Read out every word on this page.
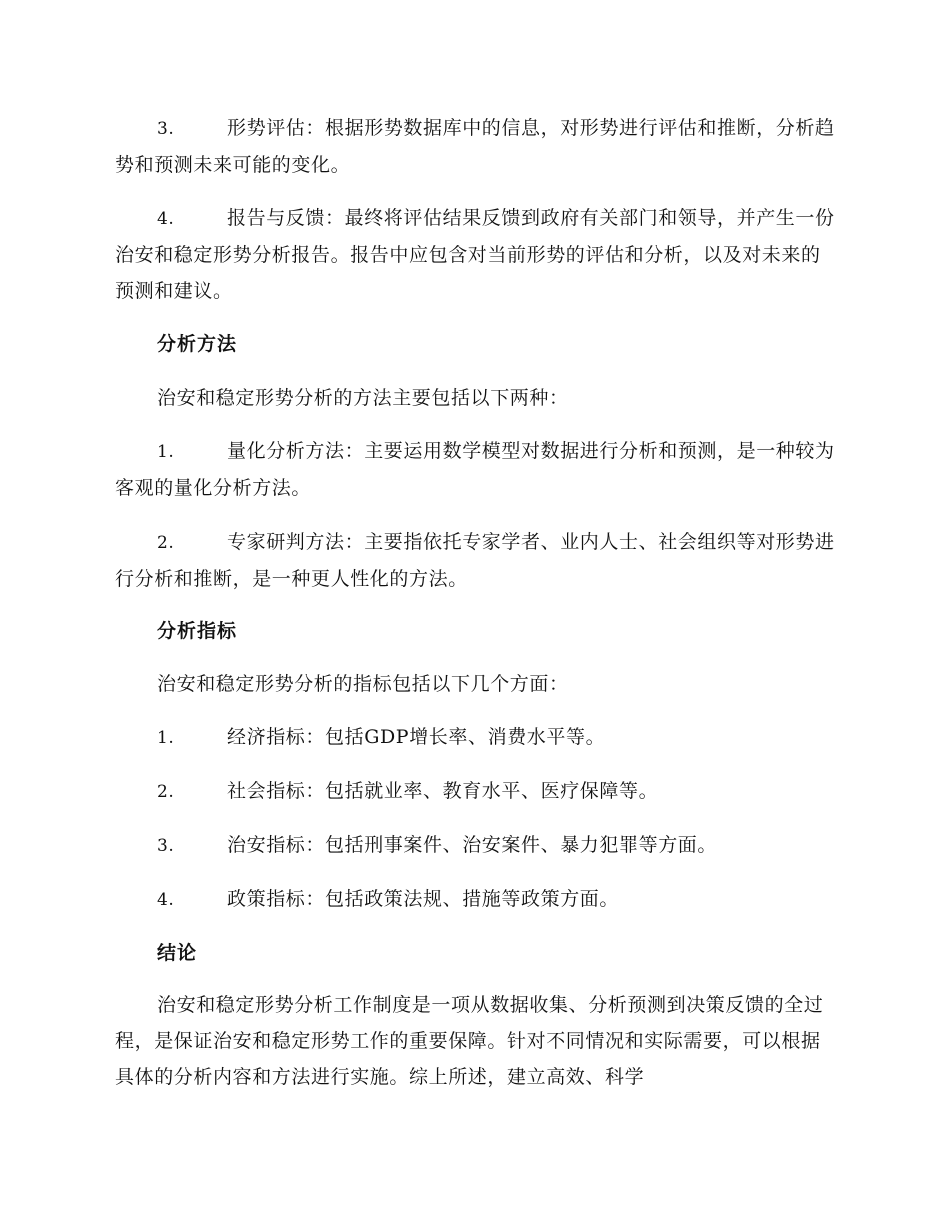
3.	形势评估：根据形势数据库中的信息，对形势进行评估和推断，分析趋势和预测未来可能的变化。
4.	报告与反馈：最终将评估结果反馈到政府有关部门和领导，并产生一份治安和稳定形势分析报告。报告中应包含对当前形势的评估和分析，以及对未来的预测和建议。
分析方法
治安和稳定形势分析的方法主要包括以下两种：
1.	量化分析方法：主要运用数学模型对数据进行分析和预测，是一种较为客观的量化分析方法。
2.	专家研判方法：主要指依托专家学者、业内人士、社会组织等对形势进行分析和推断，是一种更人性化的方法。
分析指标
治安和稳定形势分析的指标包括以下几个方面：
1.	经济指标：包括GDP增长率、消费水平等。
2.	社会指标：包括就业率、教育水平、医疗保障等。
3.	治安指标：包括刑事案件、治安案件、暴力犯罪等方面。
4.	政策指标：包括政策法规、措施等政策方面。
结论
治安和稳定形势分析工作制度是一项从数据收集、分析预测到决策反馈的全过程，是保证治安和稳定形势工作的重要保障。针对不同情况和实际需要，可以根据具体的分析内容和方法进行实施。综上所述，建立高效、科学
